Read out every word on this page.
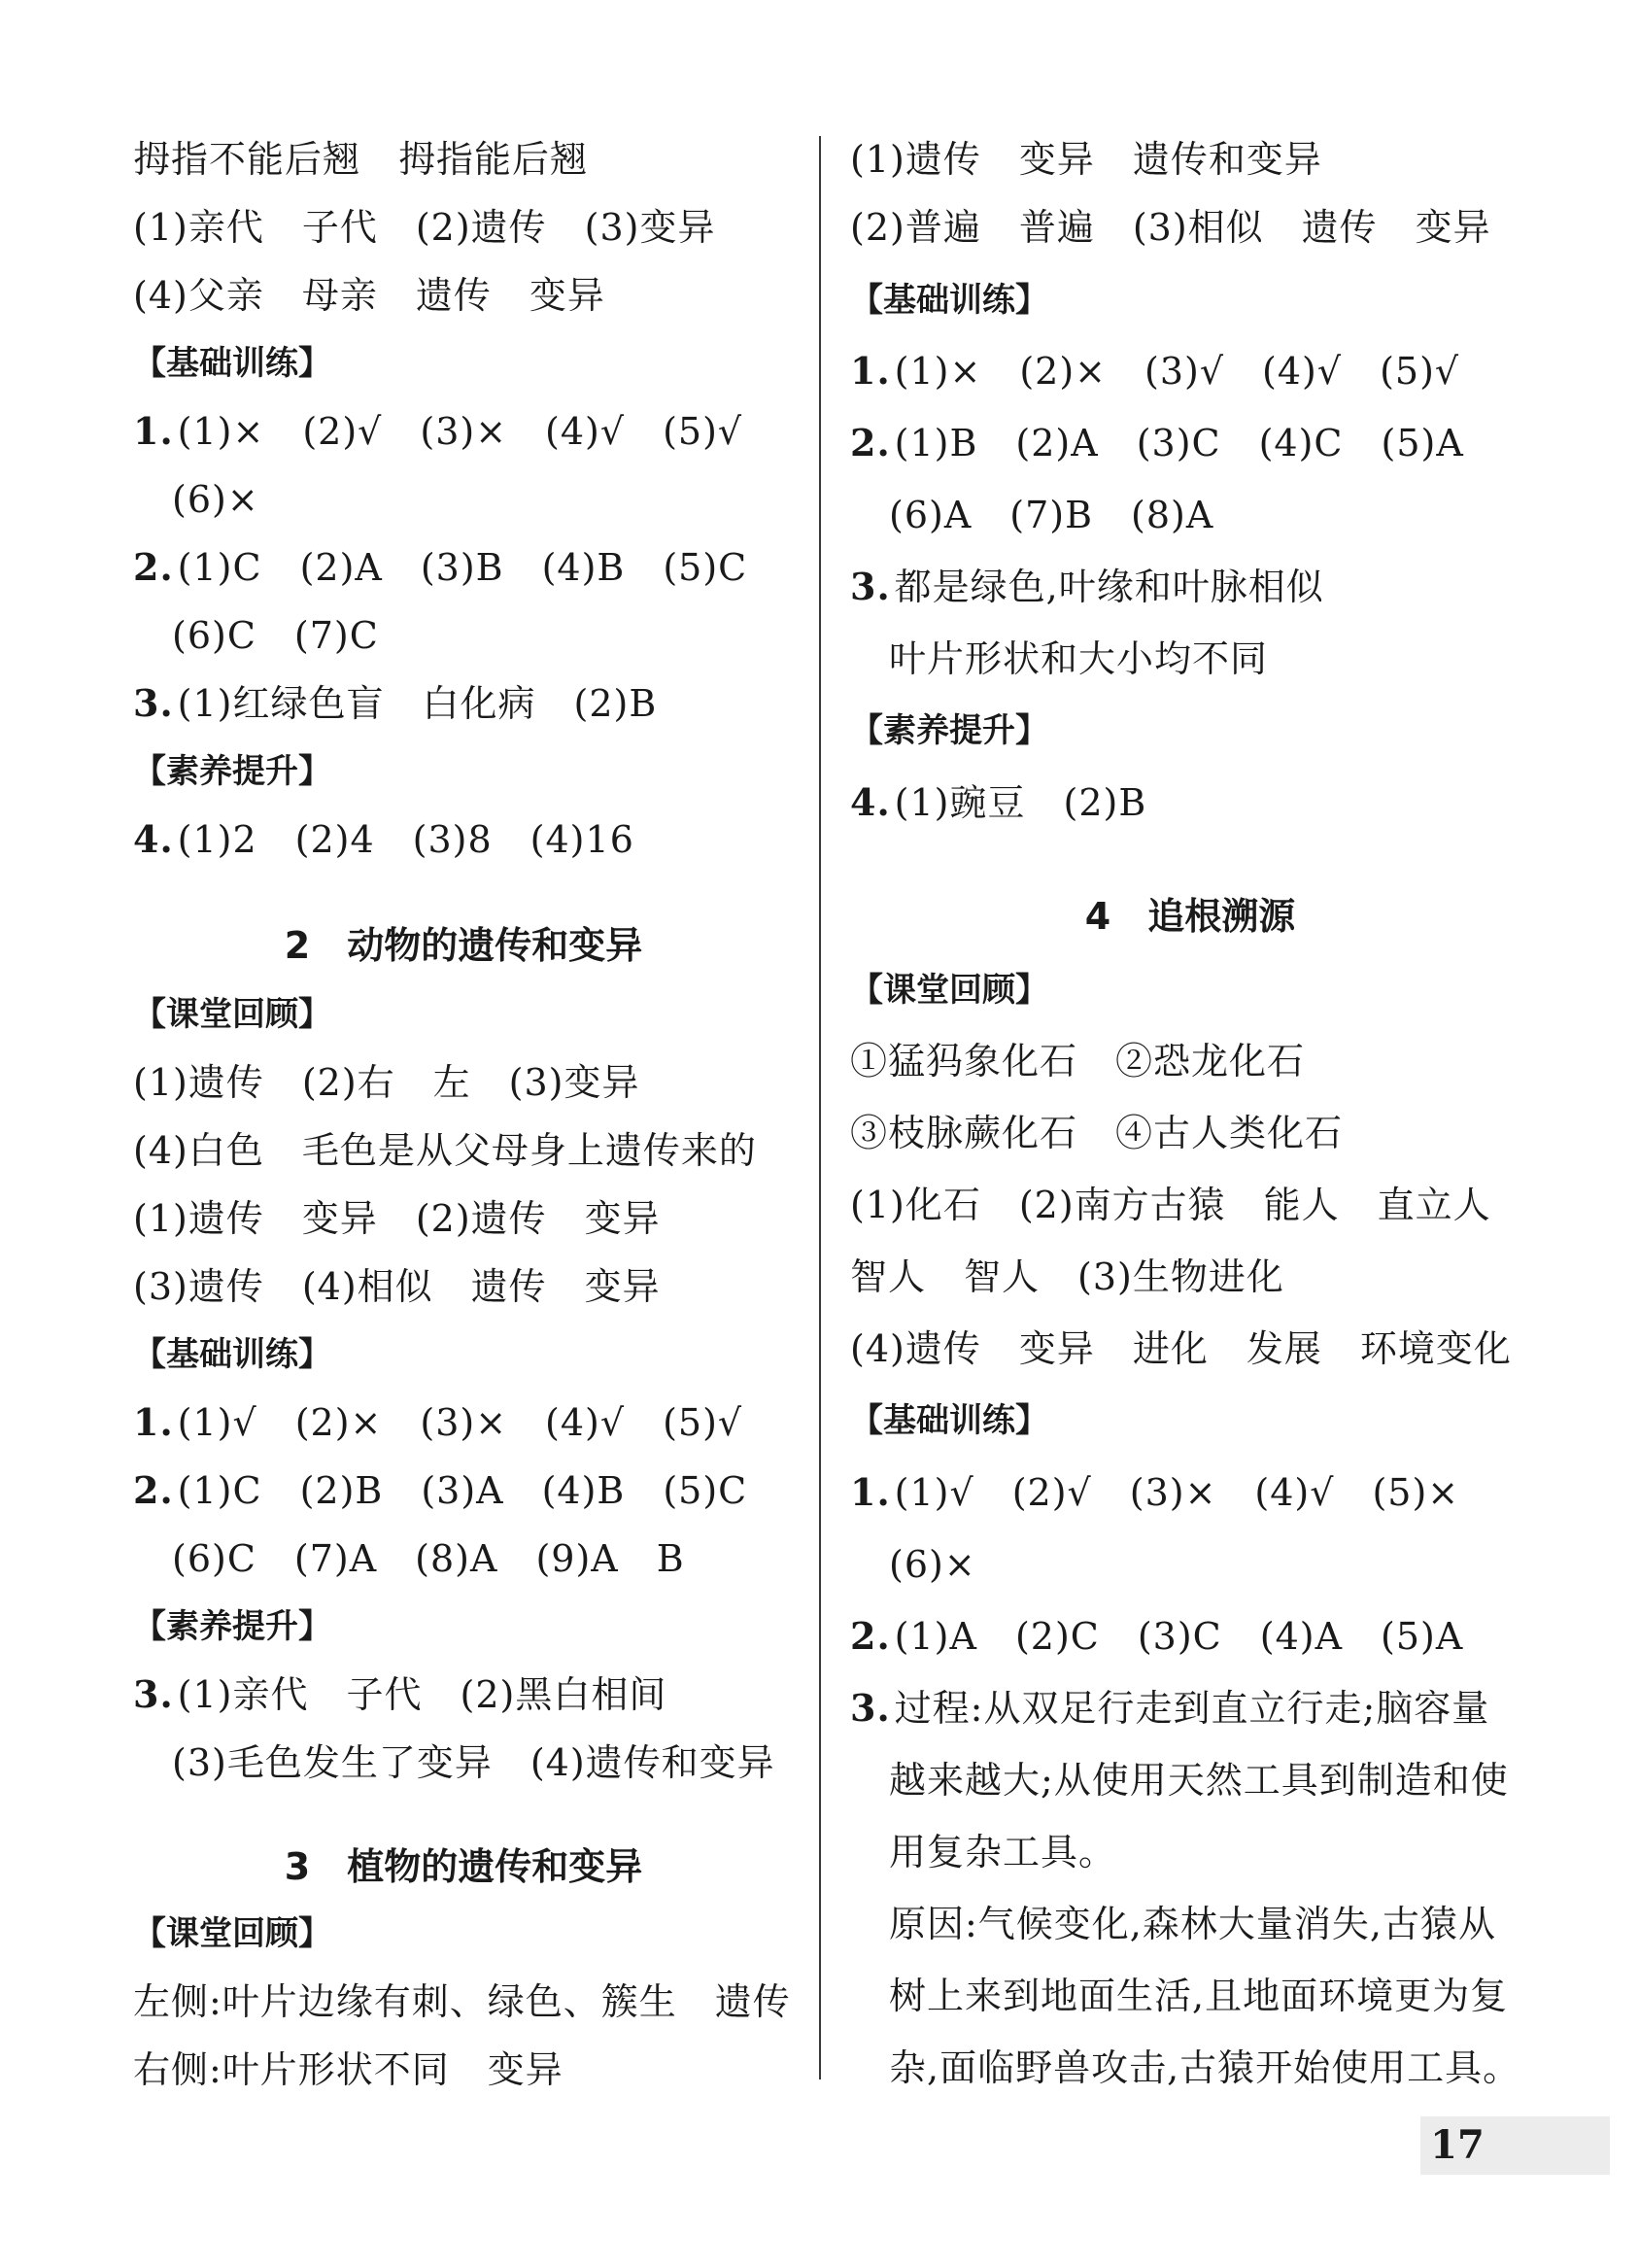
拇指不能后翘　拇指能后翘
(1)亲代　子代　(2)遗传　(3)变异
(4)父亲　母亲　遗传　变异
【基础训练】
1. (1)×　(2)√　(3)×　(4)√　(5)√
(6)×
2. (1)C　(2)A　(3)B　(4)B　(5)C
(6)C　(7)C
3. (1)红绿色盲　白化病　(2)B
【素养提升】
4. (1)2　(2)4　(3)8　(4)16
2　动物的遗传和变异
【课堂回顾】
(1)遗传　(2)右　左　(3)变异
(4)白色　毛色是从父母身上遗传来的
(1)遗传　变异　(2)遗传　变异
(3)遗传　(4)相似　遗传　变异
【基础训练】
1. (1)√　(2)×　(3)×　(4)√　(5)√
2. (1)C　(2)B　(3)A　(4)B　(5)C
(6)C　(7)A　(8)A　(9)A　B
【素养提升】
3. (1)亲代　子代　(2)黑白相间
(3)毛色发生了变异　(4)遗传和变异
3　植物的遗传和变异
【课堂回顾】
左侧:叶片边缘有刺、绿色、簇生　遗传
右侧:叶片形状不同　变异
(1)遗传　变异　遗传和变异
(2)普遍　普遍　(3)相似　遗传　变异
【基础训练】
1. (1)×　(2)×　(3)√　(4)√　(5)√
2. (1)B　(2)A　(3)C　(4)C　(5)A
(6)A　(7)B　(8)A
3. 都是绿色,叶缘和叶脉相似
叶片形状和大小均不同
【素养提升】
4. (1)豌豆　(2)B
4　追根溯源
【课堂回顾】
①猛犸象化石　②恐龙化石
③枝脉蕨化石　④古人类化石
(1)化石　(2)南方古猿　能人　直立人
智人　智人　(3)生物进化
(4)遗传　变异　进化　发展　环境变化
【基础训练】
1. (1)√　(2)√　(3)×　(4)√　(5)×
(6)×
2. (1)A　(2)C　(3)C　(4)A　(5)A
3. 过程:从双足行走到直立行走;脑容量
越来越大;从使用天然工具到制造和使
用复杂工具。
原因:气候变化,森林大量消失,古猿从
树上来到地面生活,且地面环境更为复
杂,面临野兽攻击,古猿开始使用工具。
17
